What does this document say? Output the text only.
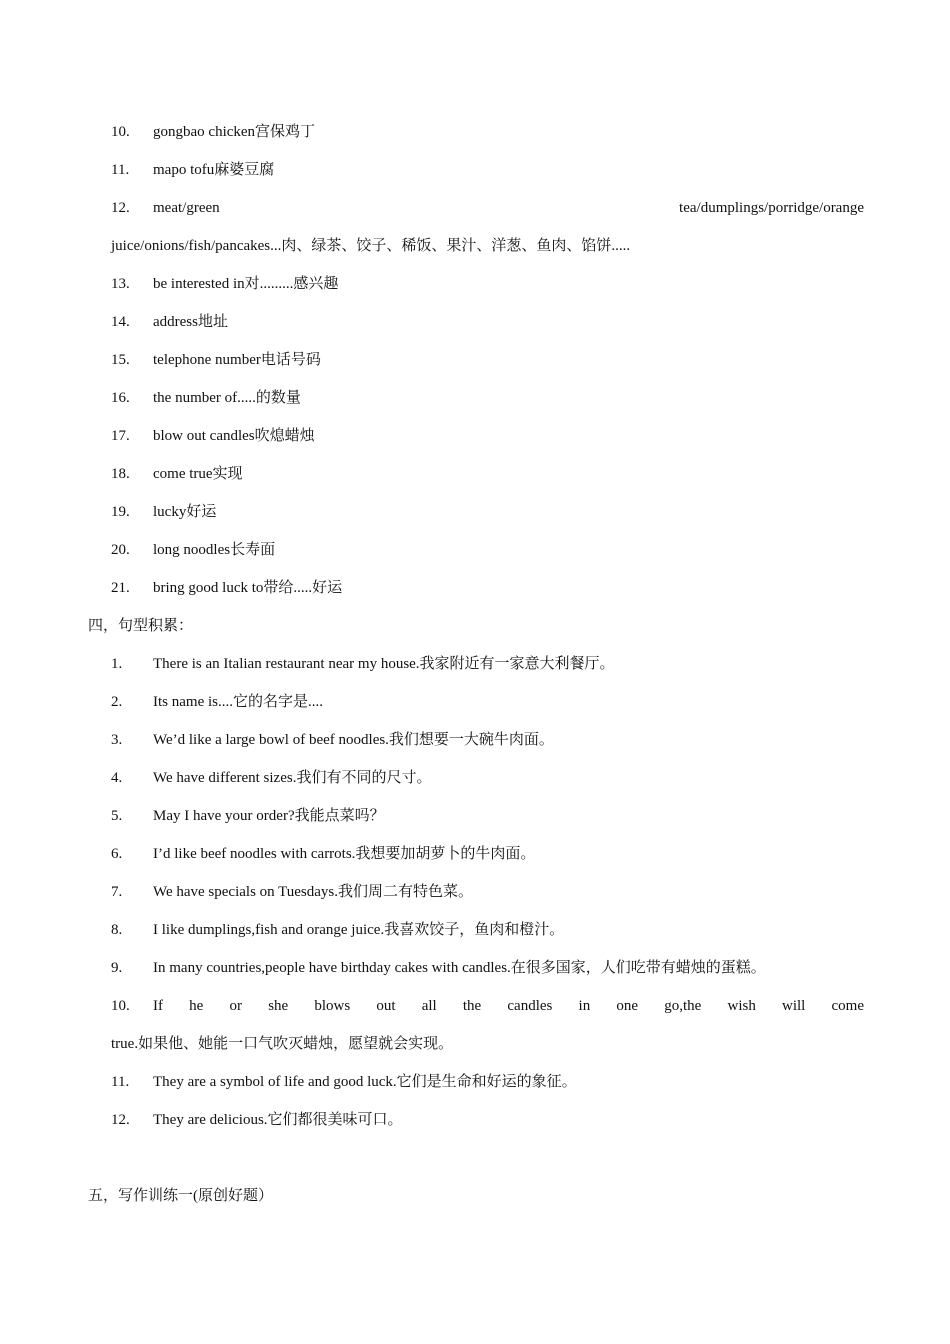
10. gongbao chicken宫保鸡丁
11. mapo tofu麻婆豆腐
12. meat/green	tea/dumplings/porridge/orange
juice/onions/fish/pancakes...肉、绿茶、饺子、稀饭、果汁、洋葱、鱼肉、馅饼.....
13. be interested in对.........感兴趣
14. address地址
15. telephone number电话号码
16. the number of.....的数量
17. blow out candles吹熄蜡烛
18. come true实现
19. lucky好运
20. long noodles长寿面
21. bring good luck to带给.....好运
四，句型积累：
1. There is an Italian restaurant near my house.我家附近有一家意大利餐厅。
2. Its name is....它的名字是....
3. We’d like a large bowl of beef noodles.我们想要一大碗牛肉面。
4. We have different sizes.我们有不同的尺寸。
5. May I have your order?我能点菜吗？
6. I’d like beef noodles with carrots.我想要加胡萝卜的牛肉面。
7. We have specials on Tuesdays.我们周二有特色菜。
8. I like dumplings,fish and orange juice.我喜欢饺子，鱼肉和橙汁。
9. In many countries,people have birthday cakes with candles.在很多国家，人们吃带有蜡烛的蛋糕。
10. If he or she blows out all the candles in one go,the wish will come
true.如果他、她能一口气吹灭蜡烛，愿望就会实现。
11. They are a symbol of life and good luck.它们是生命和好运的象征。
12. They are delicious.它们都很美味可口。
五，写作训练一(原创好题）
